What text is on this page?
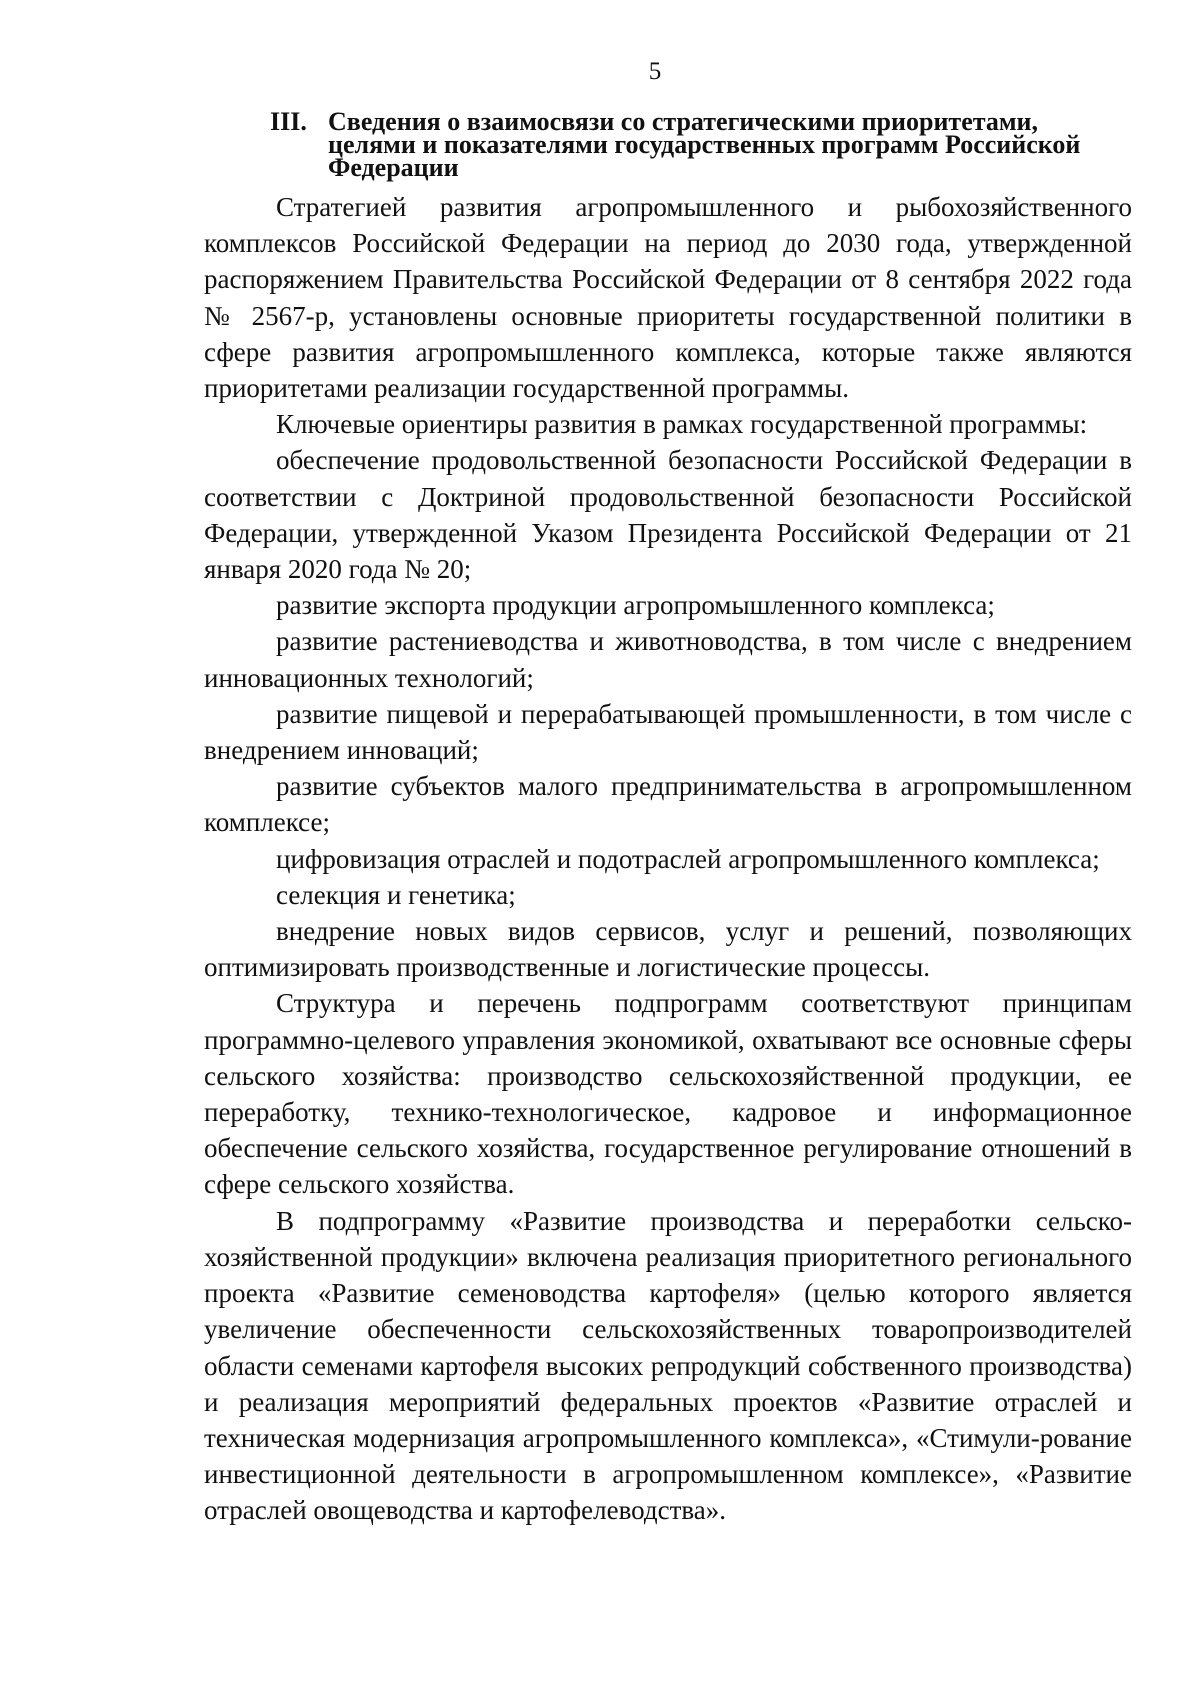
5
III. Сведения о взаимосвязи со стратегическими приоритетами, целями и показателями государственных программ Российской Федерации

Стратегией развития агропромышленного и рыбохозяйственного комплексов Российской Федерации на период до 2030 года, утвержденной распоряжением Правительства Российской Федерации от 8 сентября 2022 года № 2567-р, установлены основные приоритеты государственной политики в сфере развития агропромышленного комплекса, которые также являются приоритетами реализации государственной программы.

Ключевые ориентиры развития в рамках государственной программы:

обеспечение продовольственной безопасности Российской Федерации в соответствии с Доктриной продовольственной безопасности Российской Федерации, утвержденной Указом Президента Российской Федерации от 21 января 2020 года № 20;

развитие экспорта продукции агропромышленного комплекса;

развитие растениеводства и животноводства, в том числе с внедрением инновационных технологий;

развитие пищевой и перерабатывающей промышленности, в том числе с внедрением инноваций;

развитие субъектов малого предпринимательства в агропромышленном комплексе;

цифровизация отраслей и подотраслей агропромышленного комплекса;

селекция и генетика;

внедрение новых видов сервисов, услуг и решений, позволяющих оптимизировать производственные и логистические процессы.

Структура и перечень подпрограмм соответствуют принципам программно-целевого управления экономикой, охватывают все основные сферы сельского хозяйства: производство сельскохозяйственной продукции, ее переработку, технико-технологическое, кадровое и информационное обеспечение сельского хозяйства, государственное регулирование отношений в сфере сельского хозяйства.

В подпрограмму «Развитие производства и переработки сельско-хозяйственной продукции» включена реализация приоритетного регионального проекта «Развитие семеноводства картофеля» (целью которого является увеличение обеспеченности сельскохозяйственных товаропроизводителей области семенами картофеля высоких репродукций собственного производства) и реализация мероприятий федеральных проектов «Развитие отраслей и техническая модернизация агропромышленного комплекса», «Стимули-рование инвестиционной деятельности в агропромышленном комплексе», «Развитие отраслей овощеводства и картофелеводства».
